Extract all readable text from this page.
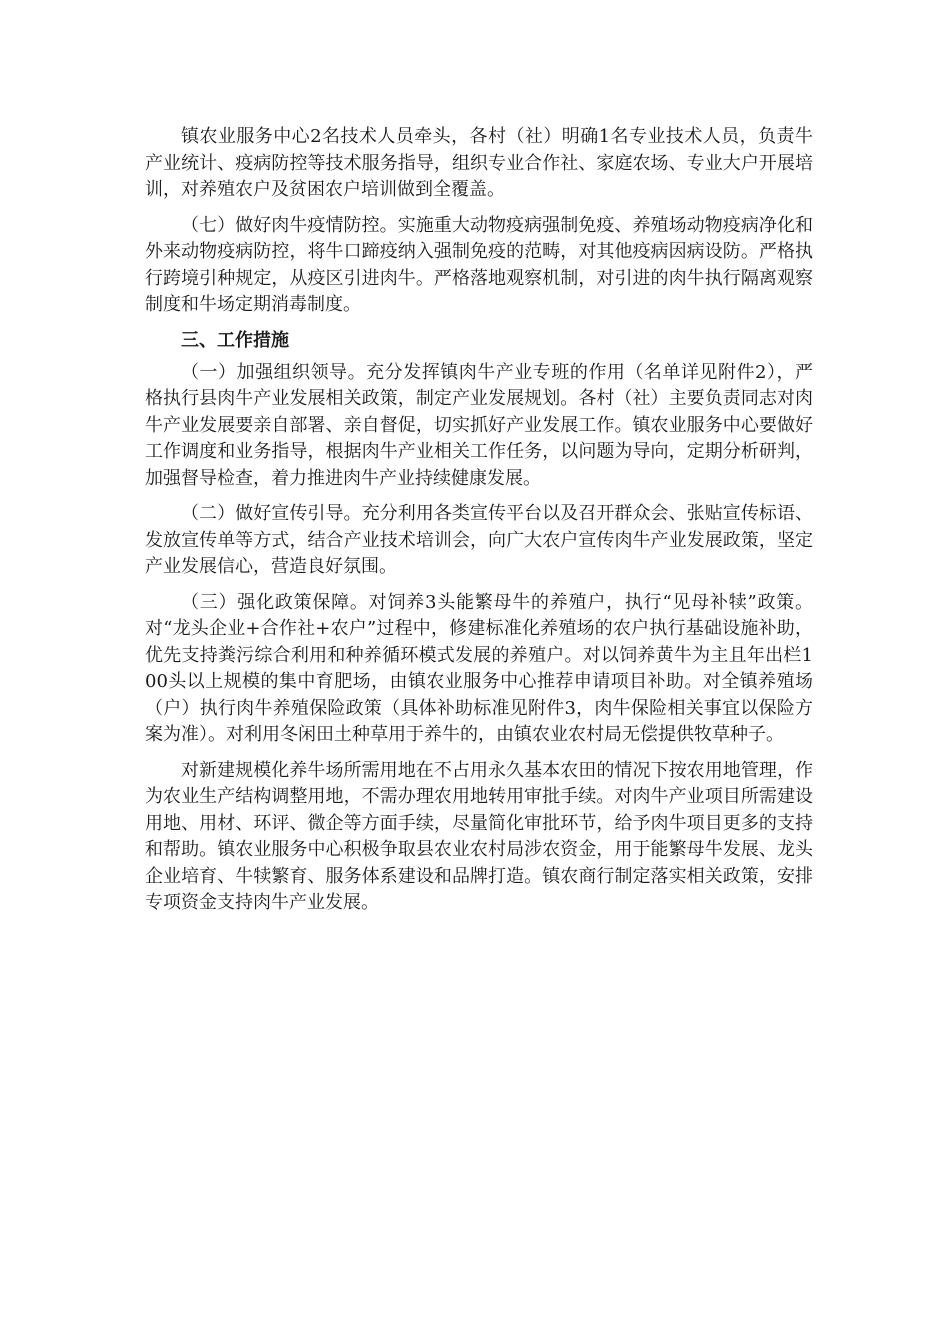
镇农业服务中心2名技术人员牵头，各村（社）明确1名专业技术人员，负责牛产业统计、疫病防控等技术服务指导，组织专业合作社、家庭农场、专业大户开展培训，对养殖农户及贫困农户培训做到全覆盖。

（七）做好肉牛疫情防控。实施重大动物疫病强制免疫、养殖场动物疫病净化和外来动物疫病防控，将牛口蹄疫纳入强制免疫的范畴，对其他疫病因病设防。严格执行跨境引种规定，从疫区引进肉牛。严格落地观察机制，对引进的肉牛执行隔离观察制度和牛场定期消毒制度。

三、工作措施

（一）加强组织领导。充分发挥镇肉牛产业专班的作用（名单详见附件2），严格执行县肉牛产业发展相关政策，制定产业发展规划。各村（社）主要负责同志对肉牛产业发展要亲自部署、亲自督促，切实抓好产业发展工作。镇农业服务中心要做好工作调度和业务指导，根据肉牛产业相关工作任务，以问题为导向，定期分析研判，加强督导检查，着力推进肉牛产业持续健康发展。

（二）做好宣传引导。充分利用各类宣传平台以及召开群众会、张贴宣传标语、发放宣传单等方式，结合产业技术培训会，向广大农户宣传肉牛产业发展政策，坚定产业发展信心，营造良好氛围。

（三）强化政策保障。对饲养3头能繁母牛的养殖户，执行“见母补犊”政策。对“龙头企业+合作社+农户”过程中，修建标准化养殖场的农户执行基础设施补助，优先支持粪污综合利用和种养循环模式发展的养殖户。对以饲养黄牛为主且年出栏100头以上规模的集中育肥场，由镇农业服务中心推荐申请项目补助。对全镇养殖场（户）执行肉牛养殖保险政策（具体补助标准见附件3，肉牛保险相关事宜以保险方案为准）。对利用冬闲田土种草用于养牛的，由镇农业农村局无偿提供牧草种子。

对新建规模化养牛场所需用地在不占用永久基本农田的情况下按农用地管理，作为农业生产结构调整用地，不需办理农用地转用审批手续。对肉牛产业项目所需建设用地、用材、环评、微企等方面手续，尽量简化审批环节，给予肉牛项目更多的支持和帮助。镇农业服务中心积极争取县农业农村局涉农资金，用于能繁母牛发展、龙头企业培育、牛犊繁育、服务体系建设和品牌打造。镇农商行制定落实相关政策，安排专项资金支持肉牛产业发展。
